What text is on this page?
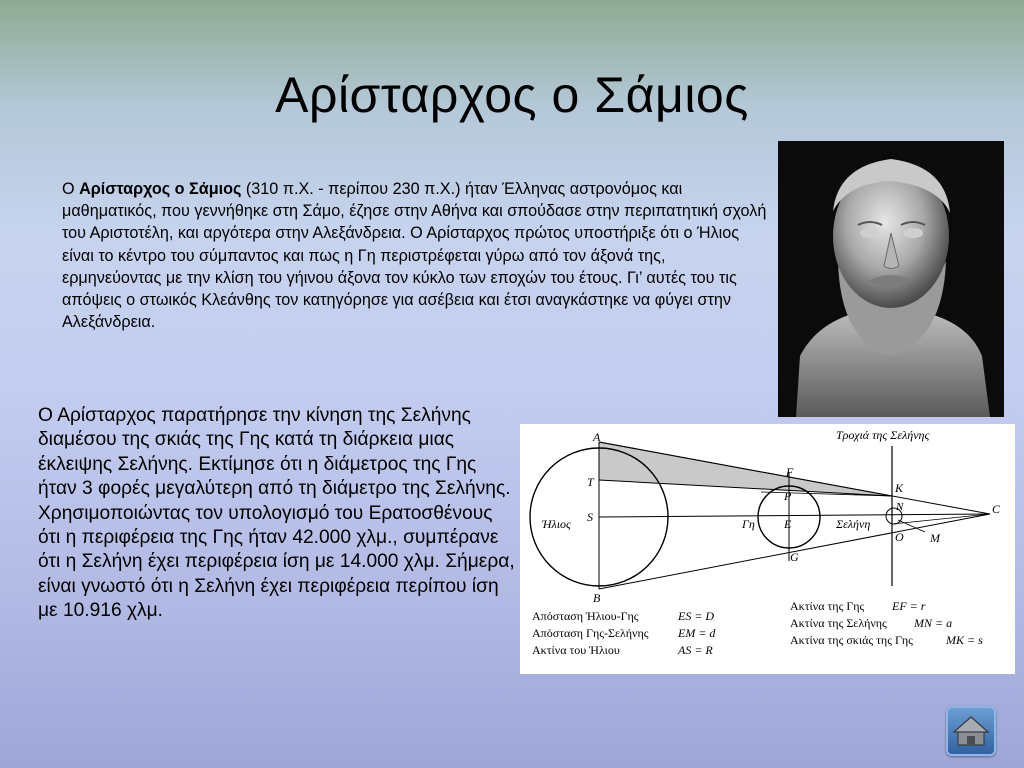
Αρίσταρχος ο Σάμιος
Ο Αρίσταρχος ο Σάμιος (310 π.Χ. - περίπου 230 π.Χ.) ήταν Έλληνας αστρονόμος και μαθηματικός, που γεννήθηκε στη Σάμο, έζησε στην Αθήνα και σπούδασε στην περιπατητική σχολή του Αριστοτέλη, και αργότερα στην Αλεξάνδρεια. Ο Αρίσταρχος πρώτος υποστήριξε ότι ο Ήλιος είναι το κέντρο του σύμπαντος και πως η Γη περιστρέφεται γύρω από τον άξονά της, ερμηνεύοντας με την κλίση του γήινου άξονα τον κύκλο των εποχών του έτους. Γι’ αυτές του τις απόψεις ο στωικός Κλεάνθης τον κατηγόρησε για ασέβεια και έτσι αναγκάστηκε να φύγει στην Αλεξάνδρεια.
Ο Αρίσταρχος παρατήρησε την κίνηση της Σελήνης διαμέσου της σκιάς της Γης κατά τη διάρκεια μιας έκλειψης Σελήνης. Εκτίμησε ότι η διάμετρος της Γης ήταν 3 φορές μεγαλύτερη από τη διάμετρο της Σελήνης. Χρησιμοποιώντας τον υπολογισμό του Ερατοσθένους ότι η περιφέρεια της Γης ήταν 42.000 χλμ., συμπέρανε ότι η Σελήνη έχει περιφέρεια ίση με 14.000 χλμ. Σήμερα, είναι γνωστό ότι η Σελήνη έχει περιφέρεια περίπου ίση με 10.916 χλμ.
Τροχιά της Σελήνης
A
T
S
B
Ήλιος
F
P
E
G
Γη	Σελήνη
K
N
O M
C
Απόσταση Ήλιου-Γης	ES = D
Απόσταση Γης-Σελήνης EM = d
Ακτίνα του Ήλιου	AS = R
Ακτίνα της Γης EF = r
Ακτίνα της Σελήνης MN = a
Ακτίνα της σκιάς της Γης	MK = s
